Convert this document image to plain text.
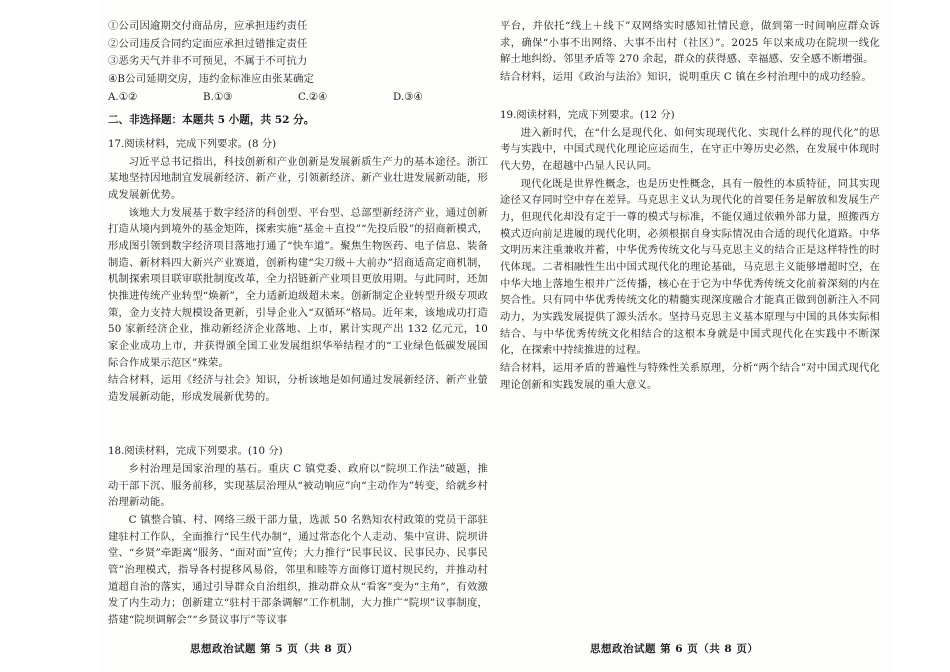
①公司因逾期交付商品房，应承担违约责任

②公司违反合同约定面应承担过错推定责任

③恶劣天气并非不可预见，不属于不可抗力

④B公司延期交房，违约金标准应由张某确定

A.①②	B.①③	C.②④	D.③④

二、非选择题：本题共 5 小题，共 52 分。

17.阅读材料，完成下列要求。(8 分)

习近平总书记指出，科技创新和产业创新是发展新质生产力的基本途径。浙江某地坚持因地制宜发展新经济、新产业，引领新经济、新产业壮进发展新动能，形成发展新优势。

该地大力发展基于数字经济的科创型、平台型、总部型新经济产业，通过创新打造从境内到境外的基金矩阵，探索实施“基金＋直投”“先投后股”的招商新模式，形成图引领到数字经济项目落地打通了“快车道”。聚焦生物医药、电子信息、装备制造、新材料四大新兴产业赛道，创新构建“尖刀级＋大前办”招商适高定商机制，机制探索项目联审联批制度改革，全力招链新产业项目更放用期。与此同时，还加快推进传统产业转型“焕新”，全力适新迫级超未来。创新制定企业转型升级专项政策，金力支持大规模设备更新，引导企业入“双循环”格局。近年来，该地成功打造 50 家新经济企业，推动新经济企业落地、上市，累计实现产出 132 亿元元，10 家企业成功上市，并获得颁全国工业发展组织华举结程才的“工业绿色低碳发展国际合作成果示范区”殊荣。

结合材料，运用《经济与社会》知识，分析该地是如何通过发展新经济、新产业螢造发展新动能，形成发展新优势的。

18.阅读材料，完成下列要求。(10 分)

乡村治理是国家治理的基石。重庆 C 镇党委、政府以“院坝工作法”破题，推动干部下沉、服务前移，实现基层治理从“被动响应”向“主动作为”转变，给就乡村治理新动能。

C 镇整合镇、村、网络三级干部力量，选派 50 名熟知农村政策的党员干部驻建驻村工作队，全面推行“民生代办制”，通过常态化个人走动、集中宣讲、院坝讲堂、“乡贤”牵距离”服务、“面对面”宣传；大力推行“民事民议、民事民办、民事民管”治理模式，指导各村提移风易俗，邻里和睦等方面修订道村规民约，并推动村道超自治的落实，通过引导群众自治组织，推动群众从“看客”变为“主角”，有效激发了内生动力；创新建立“驻村干部条调解”工作机制，大力推广“院坝”议事制度，搭建“院坝调解会”“乡贤议事厅”等议事

平台，并依托“线上＋线下”双网络实时感知社情民意，做到第一时间响应群众诉求，确保“小事不出网络、大事不出村（社区）”。2025 年以来成功在院坝一线化解土地纠纷、邻里矛盾等 270 余起，群众的获得感、幸福感、安全感不断增强。

结合材料，运用《政治与法治》知识，说明重庆 C 镇在乡村治理中的成功经验。

19.阅读材料，完成下列要求。(12 分)

进入新时代，在“什么是现代化、如何实现现代化、实现什么样的现代化”的思考与实践中，中国式现代化理论应运而生，在守正中筹历史必然，在发展中体现时代大势，在超越中凸显人民认同。

现代化既是世界性概念，也是历史性概念，具有一般性的本质特征，同其实现途径又存同时空中存在差异。马克思主义认为现代化的首要任务是解放和发展生产力，但现代化却没有定于一尊的模式与标准，不能仅通过依赖外部力量，照搬西方模式迈向前足进履的现代化明，必须根据自身实际情况由合适的现代化道路。中华文明历来注重兼收并蓄，中华优秀传统文化与马克思主义的结合正是这样特性的时代体现。二者相融性生出中国式现代化的理论基础，马克思主义能够增超时空，在中华大地上落地生根并广泛传播，核心在于它为中华优秀传统文化前着深刻的内在契合性。只有同中华优秀传统文化的精髓实现深度融合才能真正做到创新注入不同动力，为实践发展提供了源头活水。坚持马克思主义基本原理与中国的具体实际相结合、与中华优秀传统文化相结合的这根本身就是中国式现代化在实践中不断深化，在探索中持续推进的过程。

结合材料，运用矛盾的普遍性与特殊性关系原理，分析“两个结合”对中国式现代化理论创新和实践发展的重大意义。

思想政治试题 第 5 页（共 8 页）	思想政治试题 第 6 页（共 8 页）
